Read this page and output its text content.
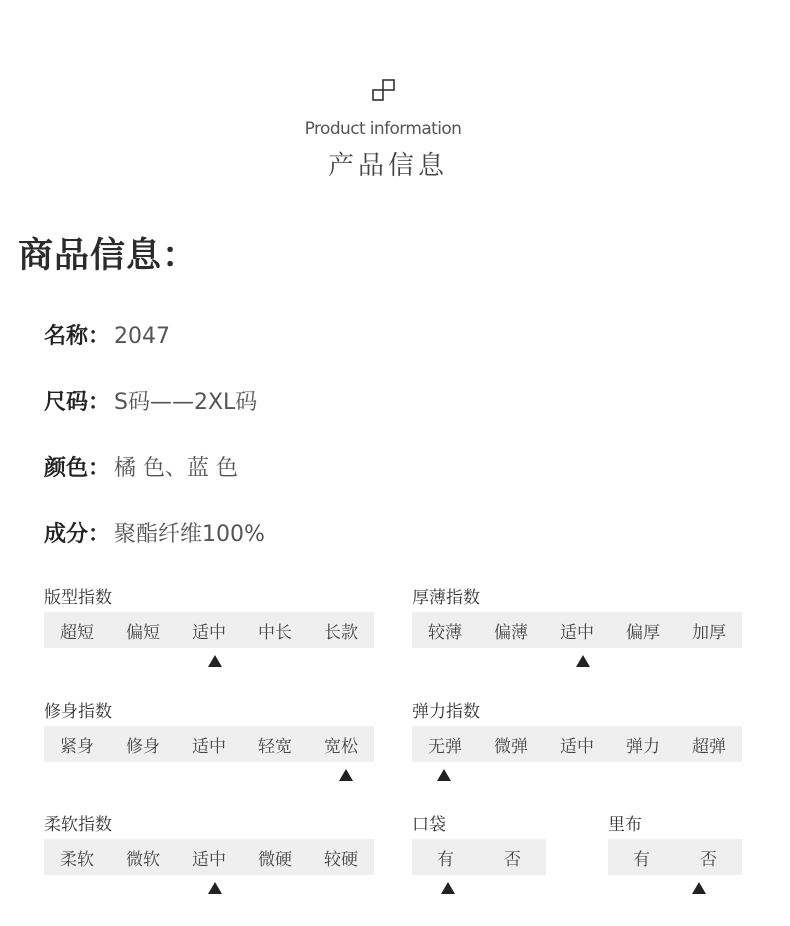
Product information
产品信息
商品信息：
名称： 2047
尺码： S码——2XL码
颜色： 橘 色、蓝 色
成分： 聚酯纤维100%
版型指数
超短	偏短	适中	中长	长款
厚薄指数
较薄	偏薄	适中	偏厚	加厚
修身指数
紧身	修身	适中	轻宽	宽松
弹力指数
无弹	微弹	适中	弹力	超弹
柔软指数
柔软	微软	适中	微硬	较硬
口袋
有	否
里布
有	否
